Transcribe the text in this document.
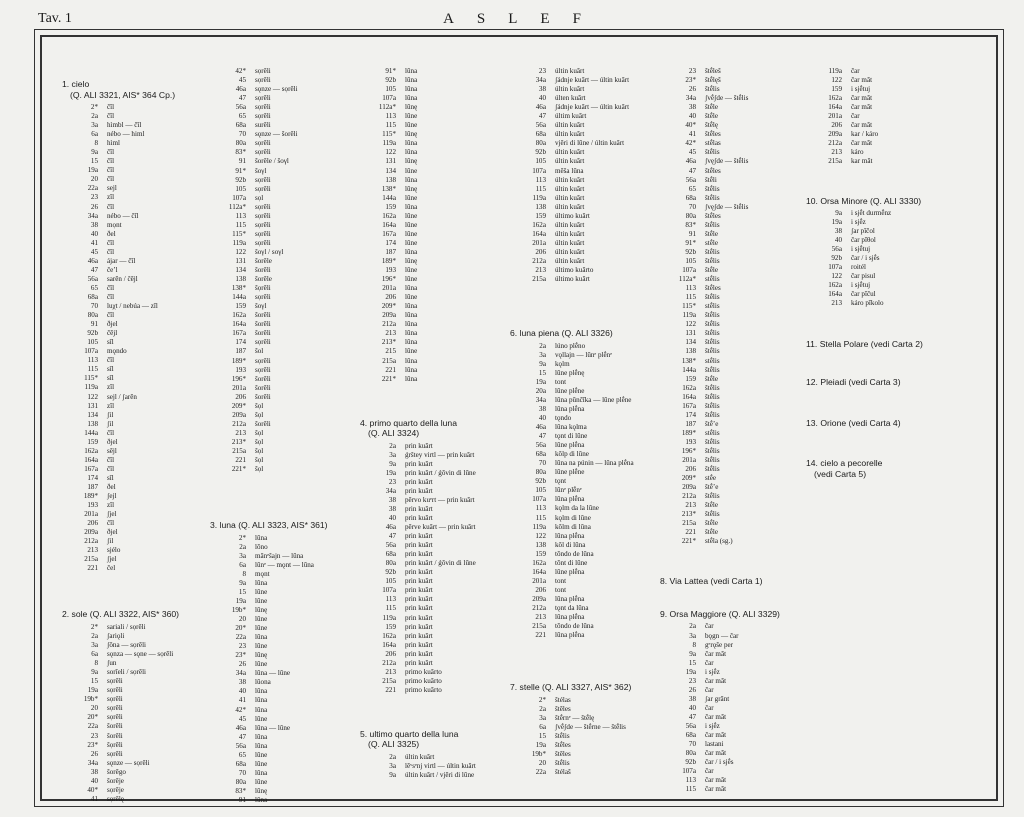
Tav. 1	ASLEF
1. cielo
(Q. ALI 3321, AIS* 364 Cp.)
2*	čîl
2a	čîl
3a	hìmbl — čîl
6a	nébo — himl
8	hìml
9a	čîl
15	čîl
19a	čîl
20	čîl
22a	sejl
23	zîl
26	čîl
34a	nébo — čîl
38	mọnt
40	ðel
41	čîl
45	čîl
46a	ájar — čîl
47	čeʼl
56a	sarēn / čējl
65	čîl
68a	čîl
70	luχt / nebúa — zîl
80a	čîl
91	ðjel
92b	čējl
105	sîl
107a	mǫndo
113	čîl
115	sîl
115*	sîl
119a	zîl
122	sejl / ʃarēn
131	zîl
134	ʃil
138	ʃil
144a	čîl
159	ðjel
162a	sējl
164a	čîl
167a	čîl
174	sîl
187	ðel
189*	ʃejl
193	zîl
201a	ʃjel
206	čîl
209a	ðjel
212a	ʃil
213	sjélo
215a	ʃjel
221	čel
2. sole (Q. ALI 3322, AIS* 360)
2*	sariali / sọrēli
2a	ʃariǫli
3a	ʃôna — sọrēli
6a	sǫnza — sǫne — sọrēli
8	ʃun
9a	sorīeli / sọrēli
15	sọrēli
19a	sọrēli
19b*	sọrēli
20	sọrēli
20*	sọrēli
22a	šorēli
23	šorēli
23*	šọrēli
26	sọrēli
34a	sǫnze — sọrēli
38	šorēgo
40	šorēje
40*	sọrēje
41	sọrēlę
42*	sọrēli
45	sọrēli
46a	sǫnze — sọrēli
47	sọrēli
56a	sọrēli
65	sọrēli
68a	surēli
70	sǫnze — šorēli
80a	sọrēli
83*	sọrēli
91	šorēle / šoγl
91*	šoγl
92b	sọrēli
105	sọrēli
107a	sọl
112a*	sọrēli
113	sọrēli
115	sọrēli
115*	sọrēli
119a	sọrēli
122	šoγl / soγl
131	šorēle
134	šorēli
138	šorēle
138*	šọrēli
144a	sọrēli
159	šoγl
162a	šorēli
164a	šorēli
167a	šorēli
174	sọrēli
187	šol
189*	sọrēli
193	sọrēli
196*	šorēli
201a	šorēli
206	šorēli
209*	šọl
209a	šọl
212a	šorēli
213	šọl
213*	šọl
215a	šọl
221	šọl
221*	šọl
3. luna (Q. ALI 3323, AIS* 361)
2*	lūna
2a	lōno
3a	mānᵉšajn — lūna
6a	lūnᵉ — mǫnt — lūna
8	mǫnt
9a	lūna
15	lūne
19a	lūne
19b*	lūnę
20	lūne
20*	lūne
22a	lūna
23	lūne
23*	lūnę
26	lūne
34a	lūna — lūne
38	lūona
40	lūna
41	lūna
42*	lūna
45	lūne
46a	lūna — lūne
47	lūna
56a	lūna
65	lūne
68a	lūne
70	lūna
80a	lūne
83*	lūnę
91	lūna
91*	lūna
92b	lūna
105	lūna
107a	lūna
112a*	lūnę
113	lūne
115	lūne
115*	lūnę
119a	lūna
122	lūna
131	lūnę
134	lūne
138	lūna
138*	lūnę
144a	lūne
159	lūna
162a	lūne
164a	lūne
167a	lūne
174	lūne
187	lūna
189*	lūnę
193	lūne
196*	lūne
201a	lūna
206	lūne
209*	lūna
209a	lūna
212a	lūna
213	lūna
213*	lūna
215	lūne
215a	lūna
221	lūna
221*	lūna
4. primo quarto della luna
(Q. ALI 3324)
2a	prin kuārt
3a	ǵrštey virtl — prin kuārt
9a	prin kuārt
19a	prin kuārt / ǵōvin di lūne
23	prin kuārt
34a	prin kuārt
38	pērvo kuᵉrt — prin kuārt
38	prin kuārt
40	prin kuārt
46a	pērve kuārt — prin kuārt
47	prin kuārt
56a	prin kuārt
68a	prin kuārt
80a	prin kuārt / ǵōvin di lūne
92b	prin kuārt
105	prin kuārt
107a	prin kuārt
113	prin kuārt
115	prin kuārt
119a	prin kuārt
159	prin kuārt
162a	prin kuārt
164a	prin kuārt
206	prin kuārt
212a	prin kuārt
213	primo kuārto
215a	primo kuārto
221	primo kuārto
5. ultimo quarto della luna
(Q. ALI 3325)
2a	últin kuārt
3a	lēᵛsᵉnj virtl — últin kuārt
9a	últin kuārt / vjēri di lūne
23	últin kuārt
34a	ʃádnje kuārt — últin kuārt
38	últin kuārt
40	últen kuārt
46a	ʃádnje kuārt — últin kuārt
47	últim kuārt
56a	últin kuārt
68a	últin kuārt
80a	vjēri di lūne / últin kuārt
92b	últin kuārt
105	últin kuārt
107a	mēša lūna
113	últin kuārt
115	últin kuārt
119a	últin kuārt
138	últin kuārt
159	último kuārt
162a	últin kuārt
164a	últin kuārt
201a	últin kuārt
206	últin kuārt
212a	últin kuārt
213	último kuārto
215a	último kuārt
6. luna piena (Q. ALI 3326)
2a	lúno plḗno
3a	vǫllajn — lūnᵉ plḗnᵉ
9a	kǫlm
15	lūne plḗnę
19a	tont
20a	lūne plḗne
34a	lūna pūnčīka — lūne plḗne
38	lūna plḗna
40	tǫndo
46a	lūna kǫlma
47	tǫnt di lūne
56a	lūne plḗna
68a	kōlp di lūne
70	lūna na púnin — lūna plḗna
80a	lūne plḗne
92b	tǫnt
105	lūnᵉ plḗnᵉ
107a	lūna plḗna
113	kǫlm da la lūne
115	kǫlm di lūne
119a	kōlm di lūna
122	lūna plḗna
138	kōl di lūna
159	tōndo de lūna
162a	tōnt di lūne
164a	lūne plḗna
201a	tont
206	tont
209a	lūna plḗna
212a	tǫnt da lūna
213	lūna plḗna
215a	tōndo de lūna
221	lūna plḗna
7. stelle (Q. ALI 3327, AIS* 362)
2*	štélas
2a	štēles
3a	štḗrnᵉ — štḗlę
6a	ʃvḗʃde — štḗrne — štḗlis
15	štḗlis
19a	štḗles
19b*	štēles
20	štḗlis
22a	štélaš
23	štḗleš
23*	štḗlęš
26	štḗlis
34a	ʃvḗʃde — štḗlis
38	štḗle
40	štḗle
40*	štḗlę
41	štḗles
42*	stḗlas
45	štḗlis
46a	ʃvęʃde — štḗlis
47	štḗles
56a	štḗli
65	štḗlis
68a	štḗlis
70	ʃvęʃde — štḗlis
80a	štḗles
83*	štḗlis
91	štḗle
91*	stḗle
92b	štḗlis
105	štḗlis
107a	štḗle
112a*	stḗlis
113	štḗles
115	štḗlis
115*	stḗlis
119a	štḗlis
122	štḗlis
131	štḗlis
134	štḗlis
138	štḗlis
138*	stḗlis
144a	štḗlis
159	štḗle
162a	štḗlis
164a	štḗlis
167a	štḗlis
174	štḗlis
187	štḗʼe
189*	stḗlis
193	štḗlis
196*	štḗlis
201a	štḗlis
206	štḗlis
209*	stḗe
209a	štḗʼe
212a	štḗlis
213	štḗle
213*	štḗlis
215a	štḗle
221	štḗle
221*	stḗla (sg.)
8. Via Lattea (vedi Carta 1)
9. Orsa Maggiore (Q. ALI 3329)
2a	čar
3a	bǫgn — čar
8	gᵉrǫše per
9a	čar māt
15	čar
19a	i sjḗz
23	čar māt
26	čar
38	ʃar grānt
40	čar
47	čar māt
56a	i sjḗz
68a	čar māt
70	lastani
80a	čar māt
92b	čar / i sjḗs
107a	čar
113	čar māt
115	čar māt
119a	čar
122	čar māt
159	i sjḗtuj
162a	čar māt
164a	čar māt
201a	čar
206	čar māt
209a	kar / káro
212a	čar māt
213	káro
215a	kar māt
10. Orsa Minore (Q. ALI 3330)
9a	i sjḗt durmḗnz
19a	i sjḗz
38	ʃar pīčol
40	čar pīθol
56a	i sjḗtuj
92b	čar / i sjḗs
107a	roitél
122	čar pisul
162a	i sjḗtuj
164a	čar pīčul
213	káro pīkolo
11. Stella Polare (vedi Carta 2)
12. Pleiadi (vedi Carta 3)
13. Orione (vedi Carta 4)
14. cielo a pecorelle
(vedi Carta 5)
